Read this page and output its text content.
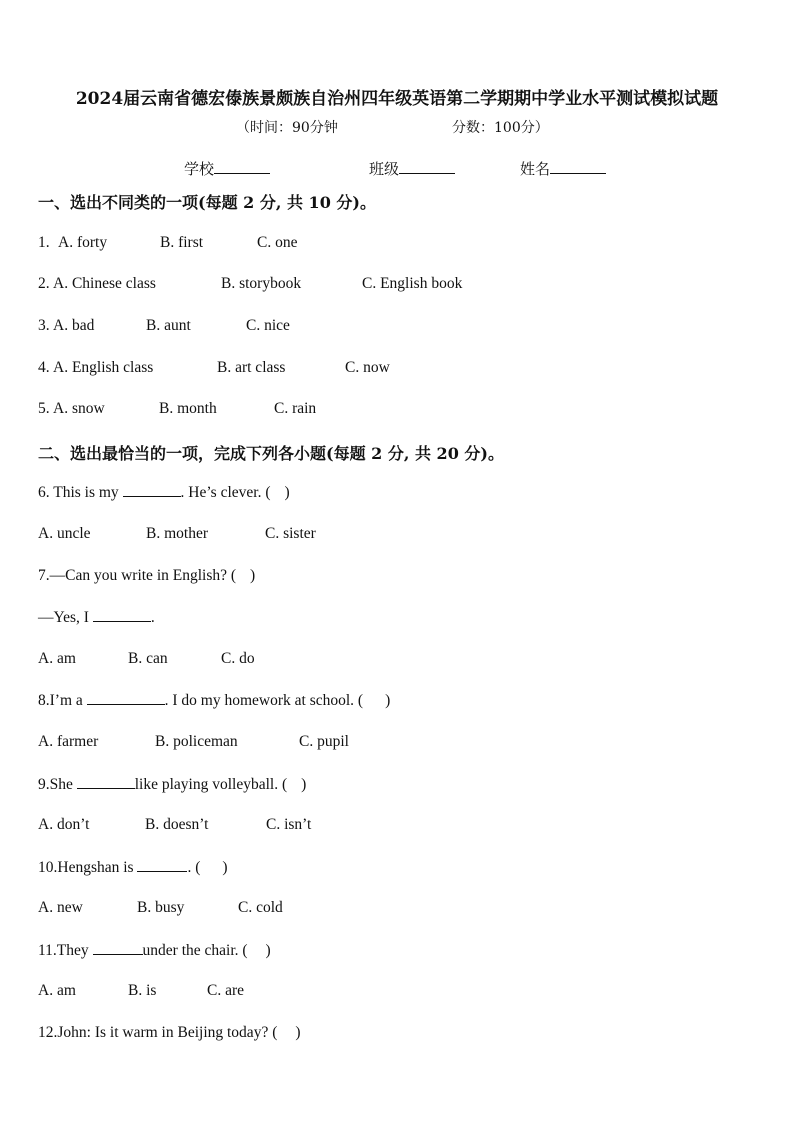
2024届云南省德宏傣族景颇族自治州四年级英语第二学期期中学业水平测试模拟试题
（时间：90分钟	分数：100分）
学校	班级	姓名
一、选出不同类的一项(每题 2 分, 共 10 分)。
1. A. forty	B. first	C. one
2. A. Chinese class	B. storybook	C. English book
3. A. bad	B. aunt	C. nice
4. A. English class	B. art class	C. now
5. A. snow	B. month	C. rain
二、选出最恰当的一项，完成下列各小题(每题 2 分, 共 20 分)。
6. This is my	. He’s clever. ( )
A. uncle	B. mother	C. sister
7.—Can you write in English? ( )
—Yes, I	.
A. am	B. can	C. do
8.I’m a	. I do my homework at school. ( )
A. farmer	B. policeman	C. pupil
9.She	like playing volleyball. ( )
A. don’t	B. doesn’t	C. isn’t
10.Hengshan is	. ( )
A. new	B. busy	C. cold
11.They	under the chair. ( )
A. am	B. is	C. are
12.John: Is it warm in Beijing today? ( )
